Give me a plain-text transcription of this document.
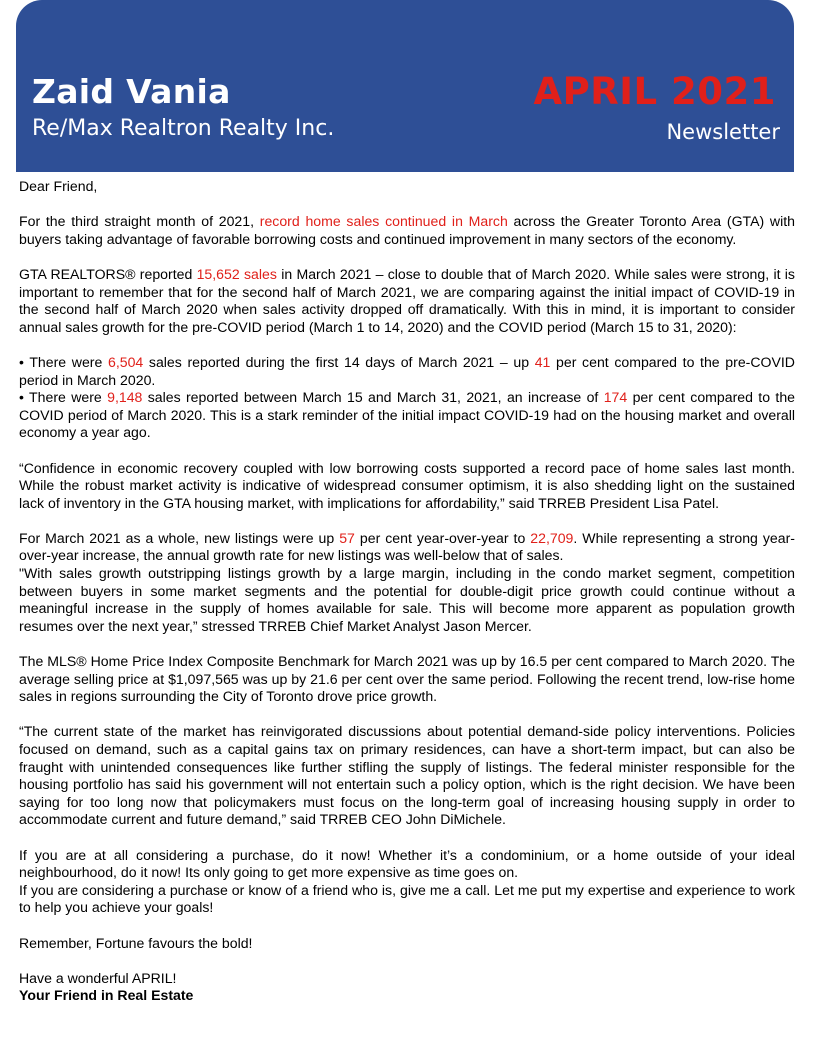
Zaid Vania
Re/Max Realtron Realty Inc.
APRIL 2021
Newsletter

Dear Friend,

For the third straight month of 2021, record home sales continued in March across the Greater Toronto Area (GTA) with buyers taking advantage of favorable borrowing costs and continued improvement in many sectors of the economy.

GTA REALTORS® reported 15,652 sales in March 2021 – close to double that of March 2020. While sales were strong, it is important to remember that for the second half of March 2021, we are comparing against the initial impact of COVID-19 in the second half of March 2020 when sales activity dropped off dramatically. With this in mind, it is important to consider annual sales growth for the pre-COVID period (March 1 to 14, 2020) and the COVID period (March 15 to 31, 2020):

• There were 6,504 sales reported during the first 14 days of March 2021 – up 41 per cent compared to the pre-COVID period in March 2020.

• There were 9,148 sales reported between March 15 and March 31, 2021, an increase of 174 per cent compared to the COVID period of March 2020. This is a stark reminder of the initial impact COVID-19 had on the housing market and overall economy a year ago.

“Confidence in economic recovery coupled with low borrowing costs supported a record pace of home sales last month. While the robust market activity is indicative of widespread consumer optimism, it is also shedding light on the sustained lack of inventory in the GTA housing market, with implications for affordability,” said TRREB President Lisa Patel.

For March 2021 as a whole, new listings were up 57 per cent year-over-year to 22,709. While representing a strong year-over-year increase, the annual growth rate for new listings was well-below that of sales.

"With sales growth outstripping listings growth by a large margin, including in the condo market segment, competition between buyers in some market segments and the potential for double-digit price growth could continue without a meaningful increase in the supply of homes available for sale. This will become more apparent as population growth resumes over the next year,” stressed TRREB Chief Market Analyst Jason Mercer.

The MLS® Home Price Index Composite Benchmark for March 2021 was up by 16.5 per cent compared to March 2020. The average selling price at $1,097,565 was up by 21.6 per cent over the same period. Following the recent trend, low-rise home sales in regions surrounding the City of Toronto drove price growth.

“The current state of the market has reinvigorated discussions about potential demand-side policy interventions. Policies focused on demand, such as a capital gains tax on primary residences, can have a short-term impact, but can also be fraught with unintended consequences like further stifling the supply of listings. The federal minister responsible for the housing portfolio has said his government will not entertain such a policy option, which is the right decision. We have been saying for too long now that policymakers must focus on the long-term goal of increasing housing supply in order to accommodate current and future demand,” said TRREB CEO John DiMichele.

If you are at all considering a purchase, do it now! Whether it’s a condominium, or a home outside of your ideal neighbourhood, do it now! Its only going to get more expensive as time goes on.

If you are considering a purchase or know of a friend who is, give me a call. Let me put my expertise and experience to work to help you achieve your goals!

Remember, Fortune favours the bold!

Have a wonderful APRIL!

Your Friend in Real Estate
